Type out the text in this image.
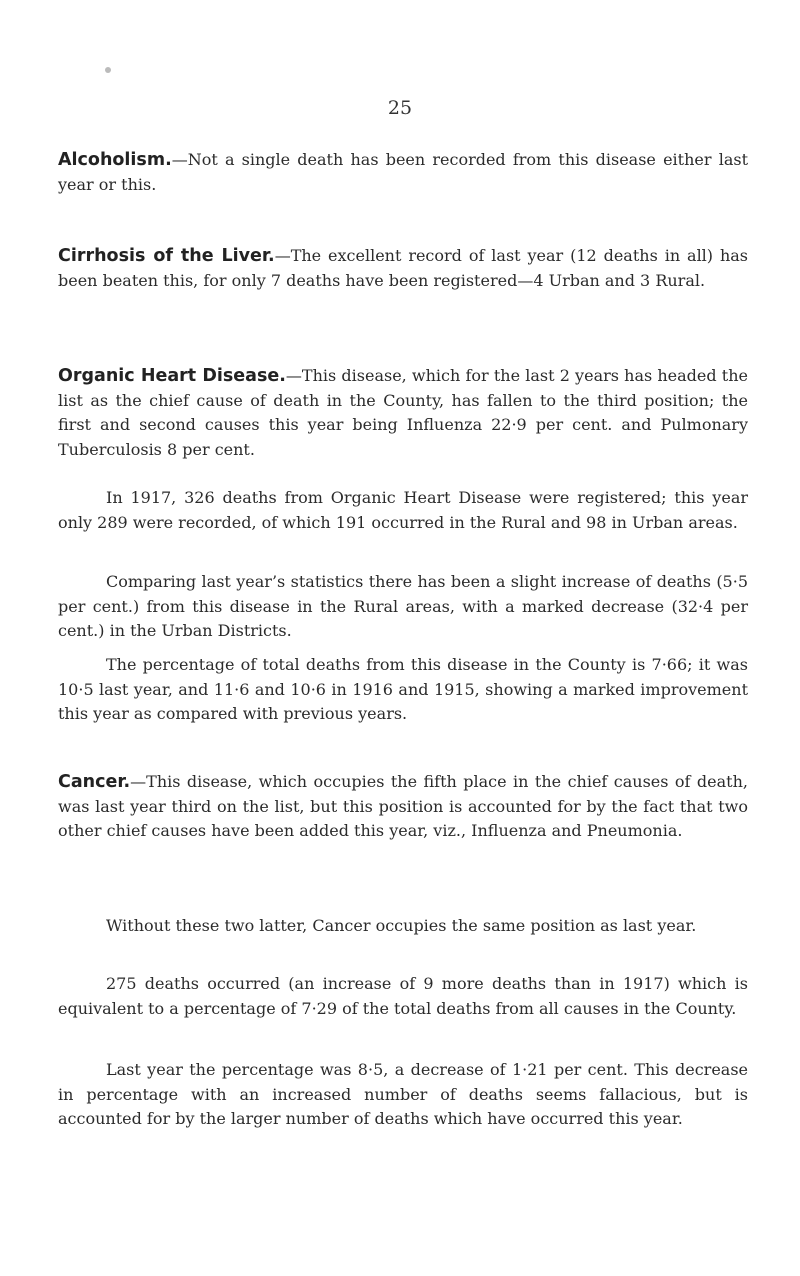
25
Alcoholism.—Not a single death has been recorded from this disease either last year or this.
Cirrhosis of the Liver.—The excellent record of last year (12 deaths in all) has been beaten this, for only 7 deaths have been registered—4 Urban and 3 Rural.
Organic Heart Disease.—This disease, which for the last 2 years has headed the list as the chief cause of death in the County, has fallen to the third position; the first and second causes this year being Influenza 22·9 per cent. and Pulmonary Tuberculosis 8 per cent.
In 1917, 326 deaths from Organic Heart Disease were registered; this year only 289 were recorded, of which 191 occurred in the Rural and 98 in Urban areas.
Comparing last year’s statistics there has been a slight increase of deaths (5·5 per cent.) from this disease in the Rural areas, with a marked decrease (32·4 per cent.) in the Urban Districts.
The percentage of total deaths from this disease in the County is 7·66; it was 10·5 last year, and 11·6 and 10·6 in 1916 and 1915, showing a marked improvement this year as compared with previous years.
Cancer.—This disease, which occupies the fifth place in the chief causes of death, was last year third on the list, but this position is accounted for by the fact that two other chief causes have been added this year, viz., Influenza and Pneumonia.
Without these two latter, Cancer occupies the same position as last year.
275 deaths occurred (an increase of 9 more deaths than in 1917) which is equivalent to a percentage of 7·29 of the total deaths from all causes in the County.
Last year the percentage was 8·5, a decrease of 1·21 per cent. This decrease in percentage with an increased number of deaths seems fallacious, but is accounted for by the larger number of deaths which have occurred this year.
